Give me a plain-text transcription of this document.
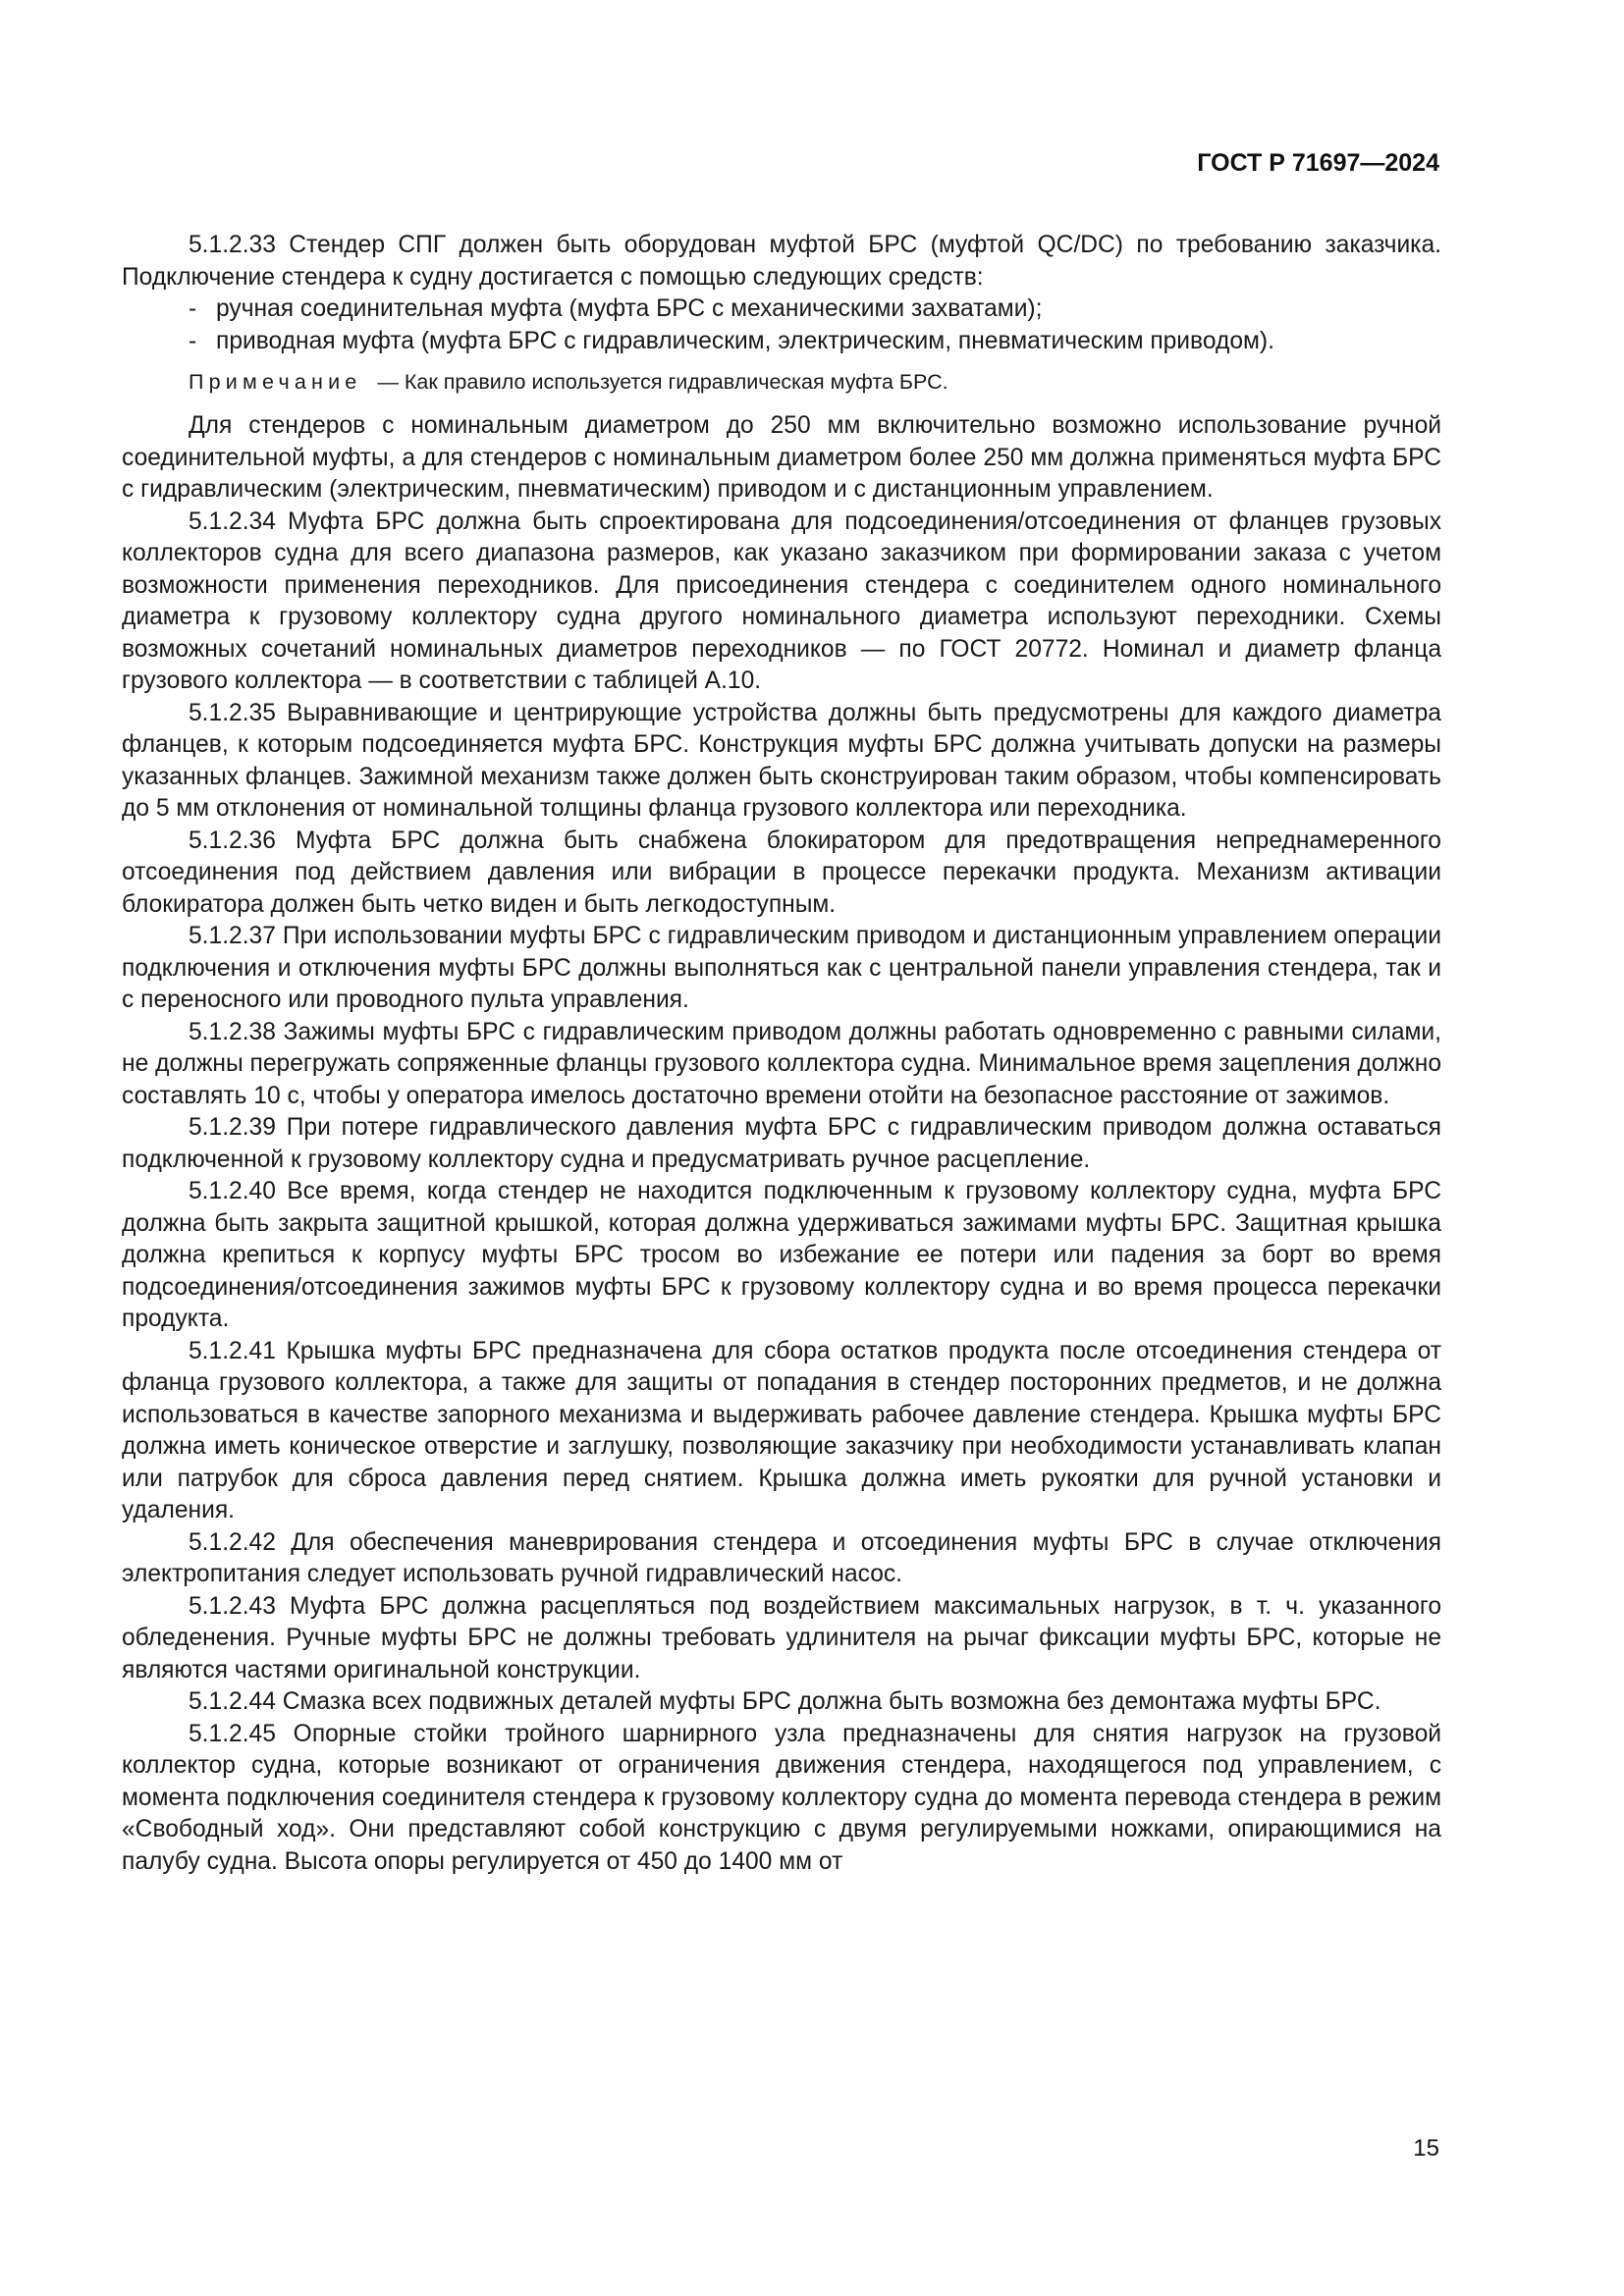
ГОСТ Р 71697—2024

5.1.2.33 Стендер СПГ должен быть оборудован муфтой БРС (муфтой QC/DC) по требованию заказчика. Подключение стендера к судну достигается с помощью следующих средств:

- ручная соединительная муфта (муфта БРС с механическими захватами);
- приводная муфта (муфта БРС с гидравлическим, электрическим, пневматическим приводом).
Примечание — Как правило используется гидравлическая муфта БРС.

Для стендеров с номинальным диаметром до 250 мм включительно возможно использование ручной соединительной муфты, а для стендеров с номинальным диаметром более 250 мм должна применяться муфта БРС с гидравлическим (электрическим, пневматическим) приводом и с дистанционным управлением.

5.1.2.34 Муфта БРС должна быть спроектирована для подсоединения/отсоединения от фланцев грузовых коллекторов судна для всего диапазона размеров, как указано заказчиком при формировании заказа с учетом возможности применения переходников. Для присоединения стендера с соединителем одного номинального диаметра к грузовому коллектору судна другого номинального диаметра используют переходники. Схемы возможных сочетаний номинальных диаметров переходников — по ГОСТ 20772. Номинал и диаметр фланца грузового коллектора — в соответствии с таблицей А.10.

5.1.2.35 Выравнивающие и центрирующие устройства должны быть предусмотрены для каждого диаметра фланцев, к которым подсоединяется муфта БРС. Конструкция муфты БРС должна учитывать допуски на размеры указанных фланцев. Зажимной механизм также должен быть сконструирован таким образом, чтобы компенсировать до 5 мм отклонения от номинальной толщины фланца грузового коллектора или переходника.

5.1.2.36 Муфта БРС должна быть снабжена блокиратором для предотвращения непреднамеренного отсоединения под действием давления или вибрации в процессе перекачки продукта. Механизм активации блокиратора должен быть четко виден и быть легкодоступным.

5.1.2.37 При использовании муфты БРС с гидравлическим приводом и дистанционным управлением операции подключения и отключения муфты БРС должны выполняться как с центральной панели управления стендера, так и с переносного или проводного пульта управления.

5.1.2.38 Зажимы муфты БРС с гидравлическим приводом должны работать одновременно с равными силами, не должны перегружать сопряженные фланцы грузового коллектора судна. Минимальное время зацепления должно составлять 10 с, чтобы у оператора имелось достаточно времени отойти на безопасное расстояние от зажимов.

5.1.2.39 При потере гидравлического давления муфта БРС с гидравлическим приводом должна оставаться подключенной к грузовому коллектору судна и предусматривать ручное расцепление.

5.1.2.40 Все время, когда стендер не находится подключенным к грузовому коллектору судна, муфта БРС должна быть закрыта защитной крышкой, которая должна удерживаться зажимами муфты БРС. Защитная крышка должна крепиться к корпусу муфты БРС тросом во избежание ее потери или падения за борт во время подсоединения/отсоединения зажимов муфты БРС к грузовому коллектору судна и во время процесса перекачки продукта.

5.1.2.41 Крышка муфты БРС предназначена для сбора остатков продукта после отсоединения стендера от фланца грузового коллектора, а также для защиты от попадания в стендер посторонних предметов, и не должна использоваться в качестве запорного механизма и выдерживать рабочее давление стендера. Крышка муфты БРС должна иметь коническое отверстие и заглушку, позволяющие заказчику при необходимости устанавливать клапан или патрубок для сброса давления перед снятием. Крышка должна иметь рукоятки для ручной установки и удаления.

5.1.2.42 Для обеспечения маневрирования стендера и отсоединения муфты БРС в случае отключения электропитания следует использовать ручной гидравлический насос.

5.1.2.43 Муфта БРС должна расцепляться под воздействием максимальных нагрузок, в т. ч. указанного обледенения. Ручные муфты БРС не должны требовать удлинителя на рычаг фиксации муфты БРС, которые не являются частями оригинальной конструкции.

5.1.2.44 Смазка всех подвижных деталей муфты БРС должна быть возможна без демонтажа муфты БРС.

5.1.2.45 Опорные стойки тройного шарнирного узла предназначены для снятия нагрузок на грузовой коллектор судна, которые возникают от ограничения движения стендера, находящегося под управлением, с момента подключения соединителя стендера к грузовому коллектору судна до момента перевода стендера в режим «Свободный ход». Они представляют собой конструкцию с двумя регулируемыми ножками, опирающимися на палубу судна. Высота опоры регулируется от 450 до 1400 мм от

15
